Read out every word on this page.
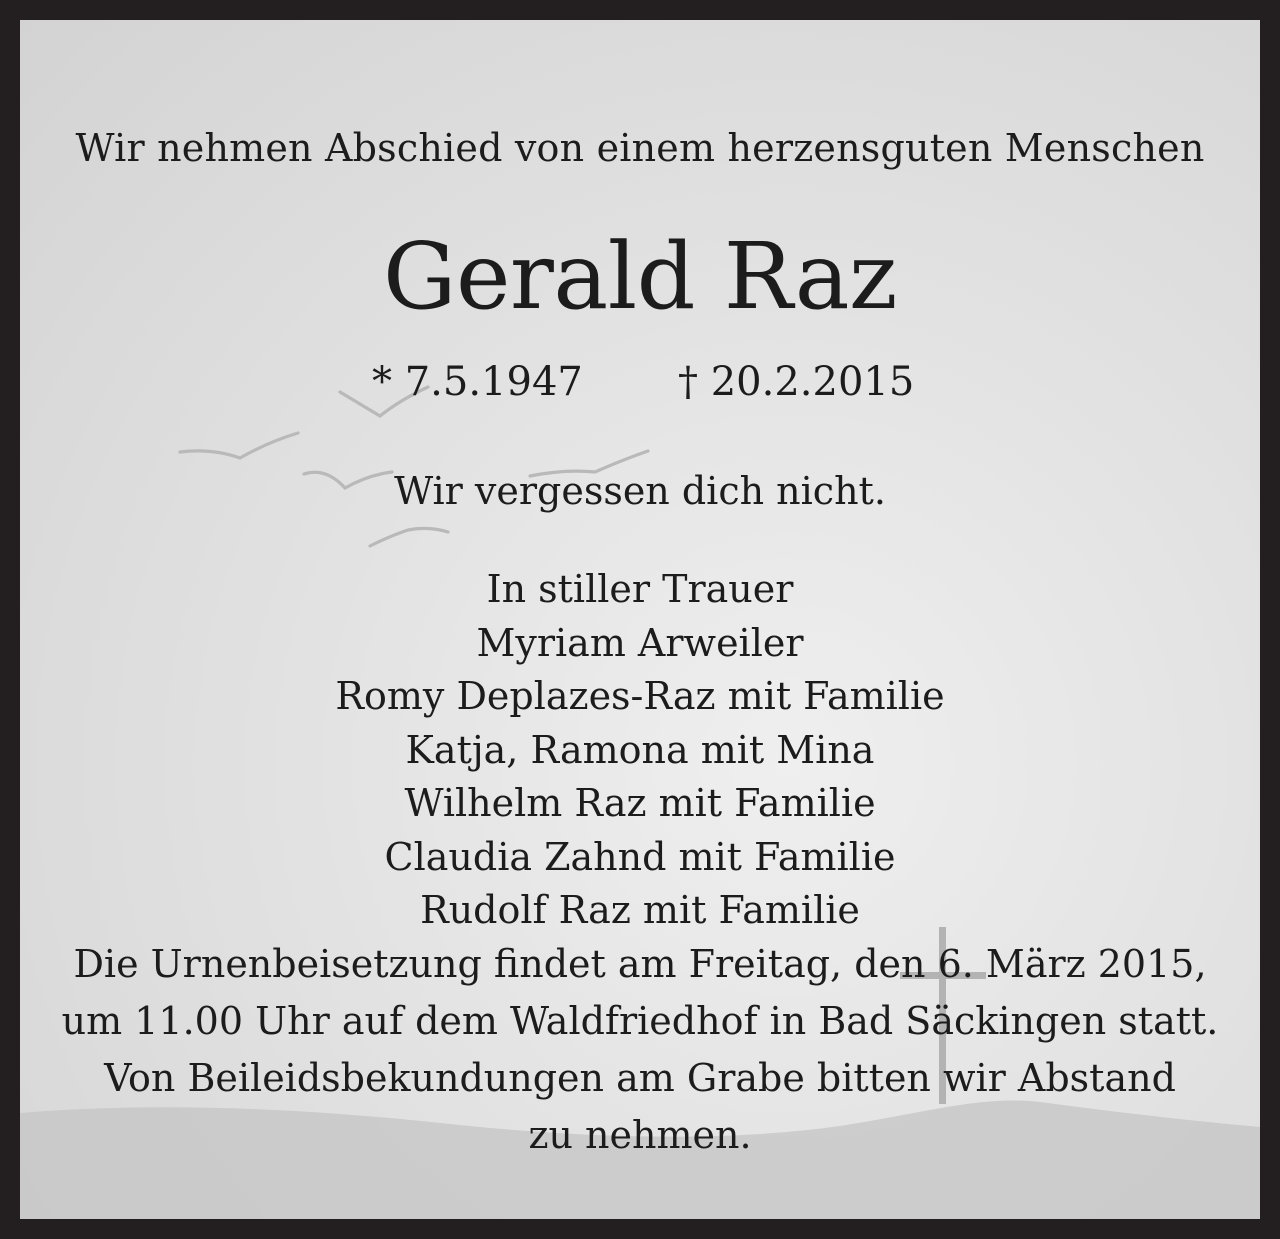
Wir nehmen Abschied von einem herzensguten Menschen
Gerald Raz
* 7.5.1947 † 20.2.2015
Wir vergessen dich nicht.
In stiller Trauer
Myriam Arweiler
Romy Deplazes-Raz mit Familie
Katja, Ramona mit Mina
Wilhelm Raz mit Familie
Claudia Zahnd mit Familie
Rudolf Raz mit Familie
Die Urnenbeisetzung findet am Freitag, den 6. März 2015,
um 11.00 Uhr auf dem Waldfriedhof in Bad Säckingen statt.
Von Beileidsbekundungen am Grabe bitten wir Abstand
zu nehmen.
